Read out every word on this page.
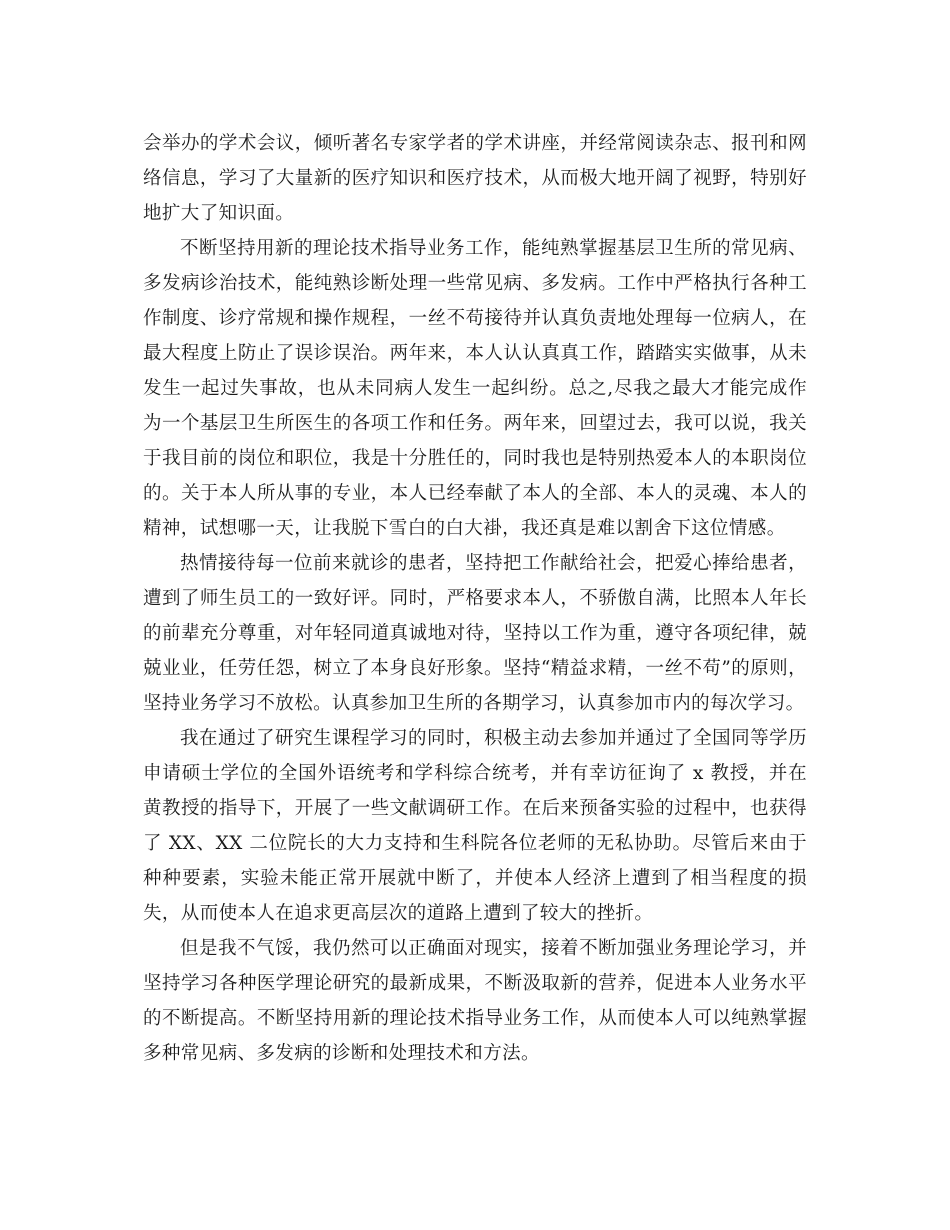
会举办的学术会议，倾听著名专家学者的学术讲座，并经常阅读杂志、报刊和网络信息，学习了大量新的医疗知识和医疗技术，从而极大地开阔了视野，特别好地扩大了知识面。

不断坚持用新的理论技术指导业务工作，能纯熟掌握基层卫生所的常见病、多发病诊治技术，能纯熟诊断处理一些常见病、多发病。工作中严格执行各种工作制度、诊疗常规和操作规程，一丝不苟接待并认真负责地处理每一位病人，在最大程度上防止了误诊误治。两年来，本人认认真真工作，踏踏实实做事，从未发生一起过失事故，也从未同病人发生一起纠纷。总之,尽我之最大才能完成作为一个基层卫生所医生的各项工作和任务。两年来，回望过去，我可以说，我关于我目前的岗位和职位，我是十分胜任的，同时我也是特别热爱本人的本职岗位的。关于本人所从事的专业，本人已经奉献了本人的全部、本人的灵魂、本人的精神，试想哪一天，让我脱下雪白的白大褂，我还真是难以割舍下这位情感。

热情接待每一位前来就诊的患者，坚持把工作献给社会，把爱心捧给患者，遭到了师生员工的一致好评。同时，严格要求本人，不骄傲自满，比照本人年长的前辈充分尊重，对年轻同道真诚地对待，坚持以工作为重，遵守各项纪律，兢兢业业，任劳任怨，树立了本身良好形象。坚持“精益求精，一丝不苟”的原则，坚持业务学习不放松。认真参加卫生所的各期学习，认真参加市内的每次学习。

我在通过了研究生课程学习的同时，积极主动去参加并通过了全国同等学历申请硕士学位的全国外语统考和学科综合统考，并有幸访征询了 x 教授，并在黄教授的指导下，开展了一些文献调研工作。在后来预备实验的过程中，也获得了 XX、XX 二位院长的大力支持和生科院各位老师的无私协助。尽管后来由于种种要素，实验未能正常开展就中断了，并使本人经济上遭到了相当程度的损失，从而使本人在追求更高层次的道路上遭到了较大的挫折。

但是我不气馁，我仍然可以正确面对现实，接着不断加强业务理论学习，并坚持学习各种医学理论研究的最新成果，不断汲取新的营养，促进本人业务水平的不断提高。不断坚持用新的理论技术指导业务工作，从而使本人可以纯熟掌握多种常见病、多发病的诊断和处理技术和方法。
